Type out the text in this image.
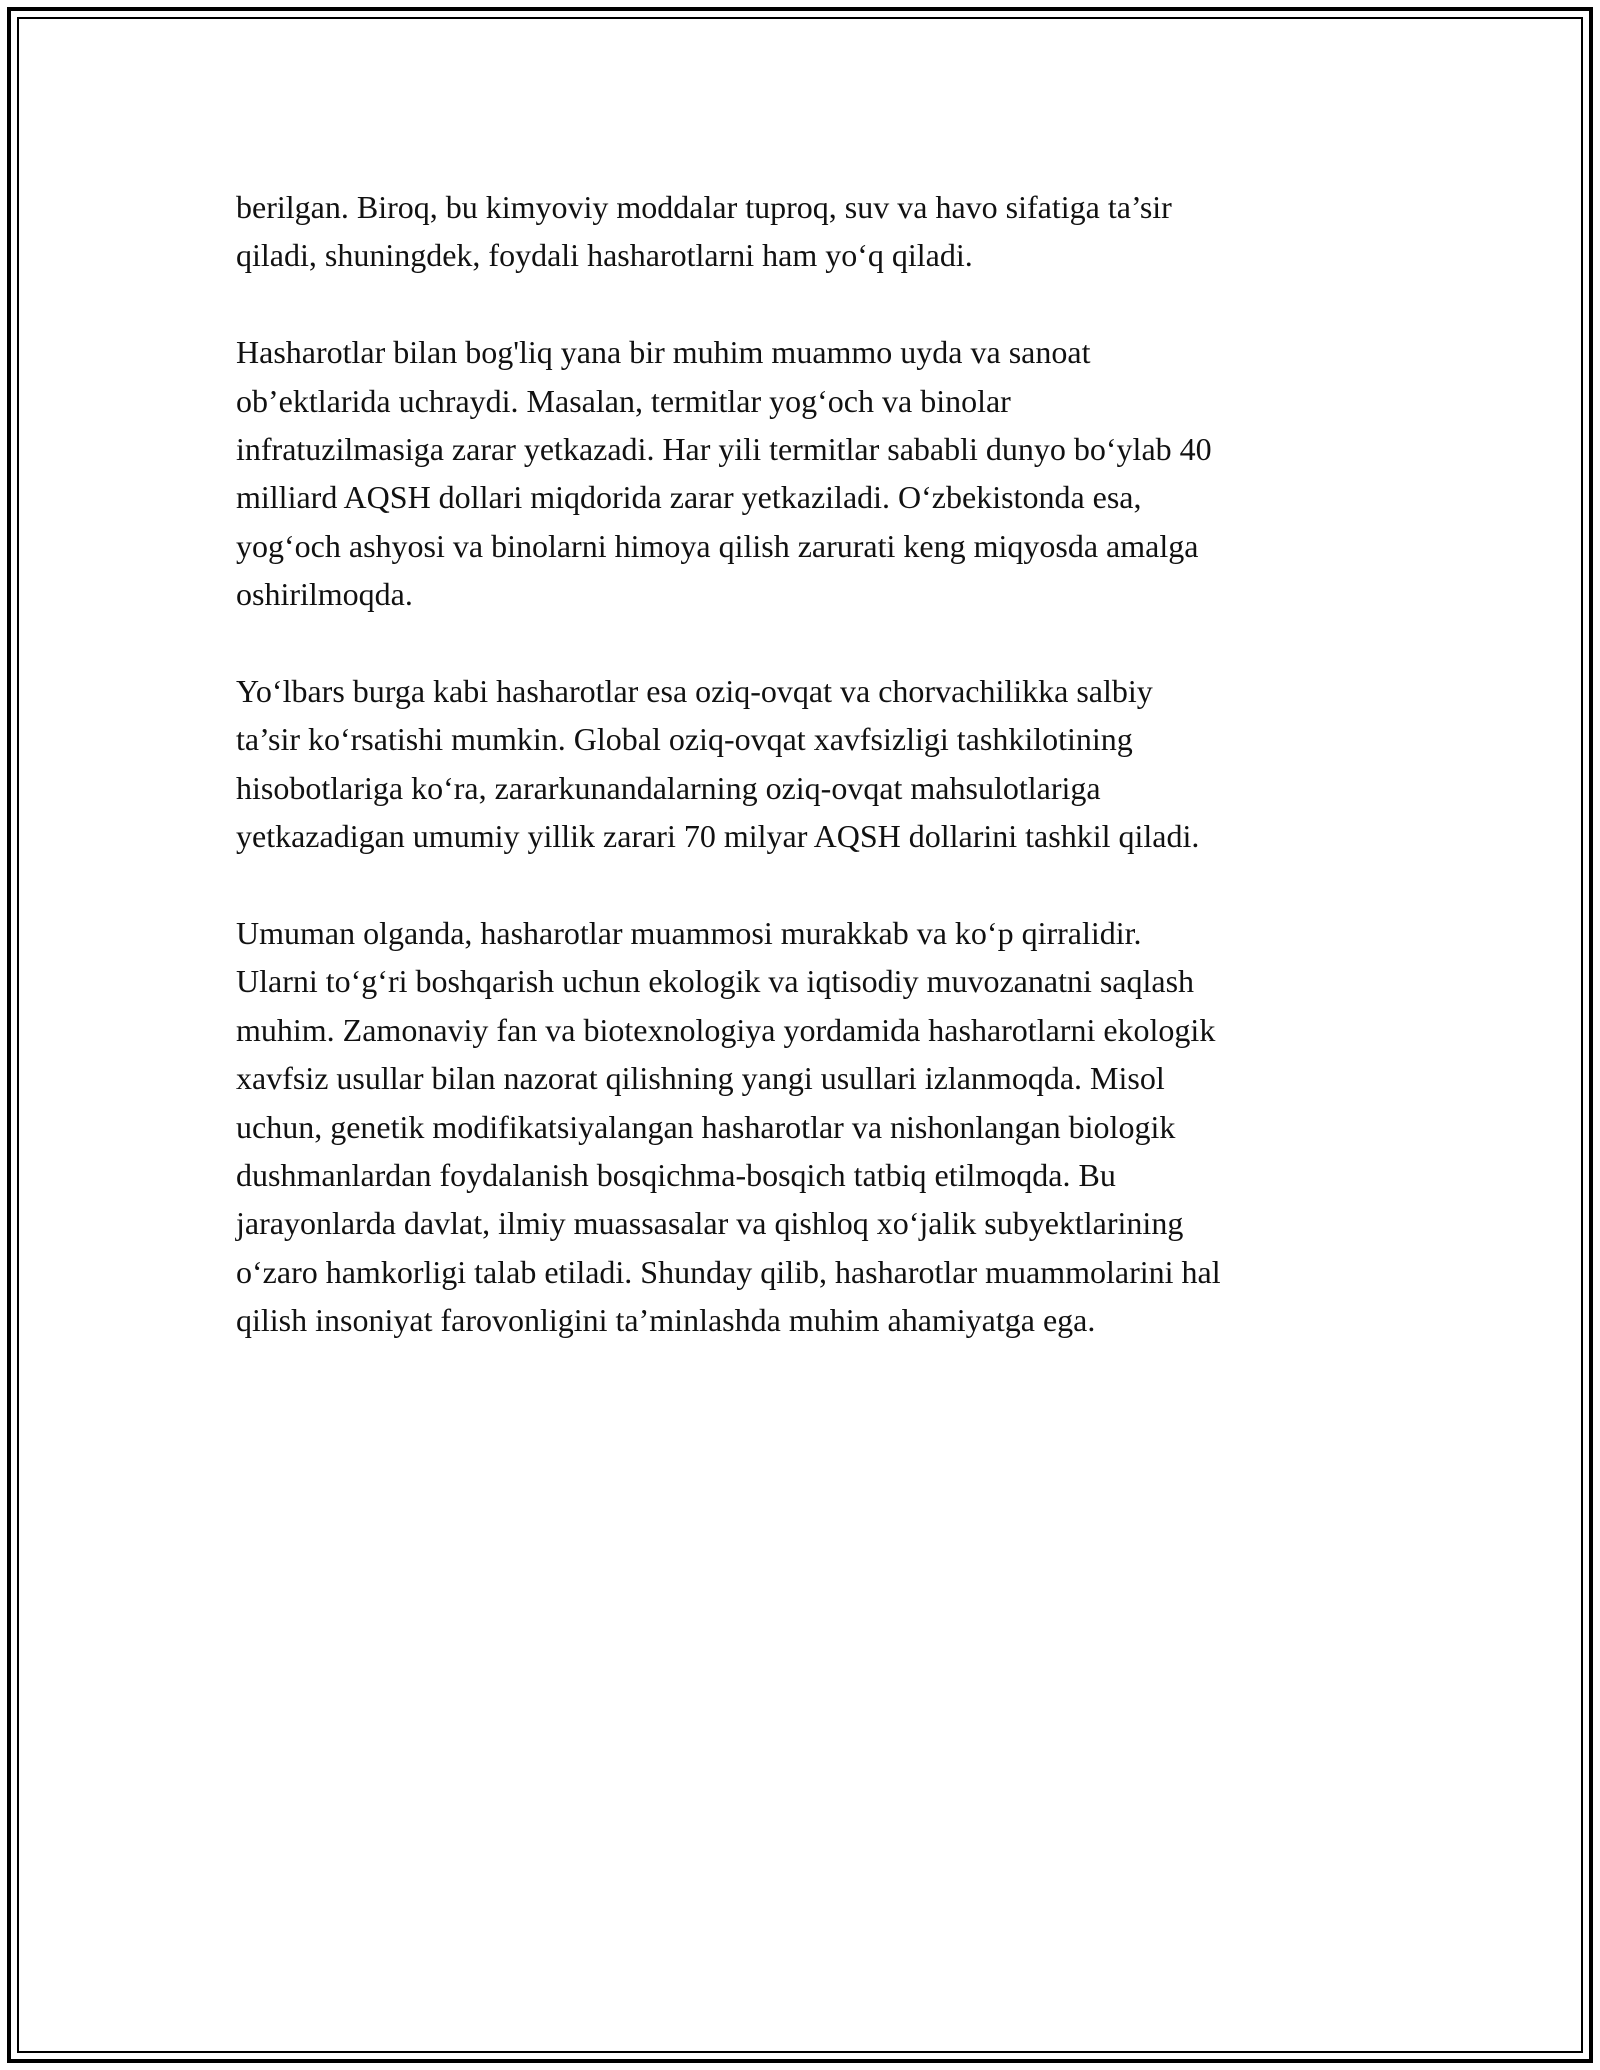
berilgan. Biroq, bu kimyoviy moddalar tuproq, suv va havo sifatiga ta’sir
qiladi, shuningdek, foydali hasharotlarni ham yo‘q qiladi.

Hasharotlar bilan bog'liq yana bir muhim muammo uyda va sanoat
ob’ektlarida uchraydi. Masalan, termitlar yog‘och va binolar
infratuzilmasiga zarar yetkazadi. Har yili termitlar sababli dunyo bo‘ylab 40
milliard AQSH dollari miqdorida zarar yetkaziladi. O‘zbekistonda esa,
yog‘och ashyosi va binolarni himoya qilish zarurati keng miqyosda amalga
oshirilmoqda.

Yo‘lbars burga kabi hasharotlar esa oziq-ovqat va chorvachilikka salbiy
ta’sir ko‘rsatishi mumkin. Global oziq-ovqat xavfsizligi tashkilotining
hisobotlariga ko‘ra, zararkunandalarning oziq-ovqat mahsulotlariga
yetkazadigan umumiy yillik zarari 70 milyar AQSH dollarini tashkil qiladi.

Umuman olganda, hasharotlar muammosi murakkab va ko‘p qirralidir.
Ularni to‘g‘ri boshqarish uchun ekologik va iqtisodiy muvozanatni saqlash
muhim. Zamonaviy fan va biotexnologiya yordamida hasharotlarni ekologik
xavfsiz usullar bilan nazorat qilishning yangi usullari izlanmoqda. Misol
uchun, genetik modifikatsiyalangan hasharotlar va nishonlangan biologik
dushmanlardan foydalanish bosqichma-bosqich tatbiq etilmoqda. Bu
jarayonlarda davlat, ilmiy muassasalar va qishloq xo‘jalik subyektlarining
o‘zaro hamkorligi talab etiladi. Shunday qilib, hasharotlar muammolarini hal
qilish insoniyat farovonligini ta’minlashda muhim ahamiyatga ega.
